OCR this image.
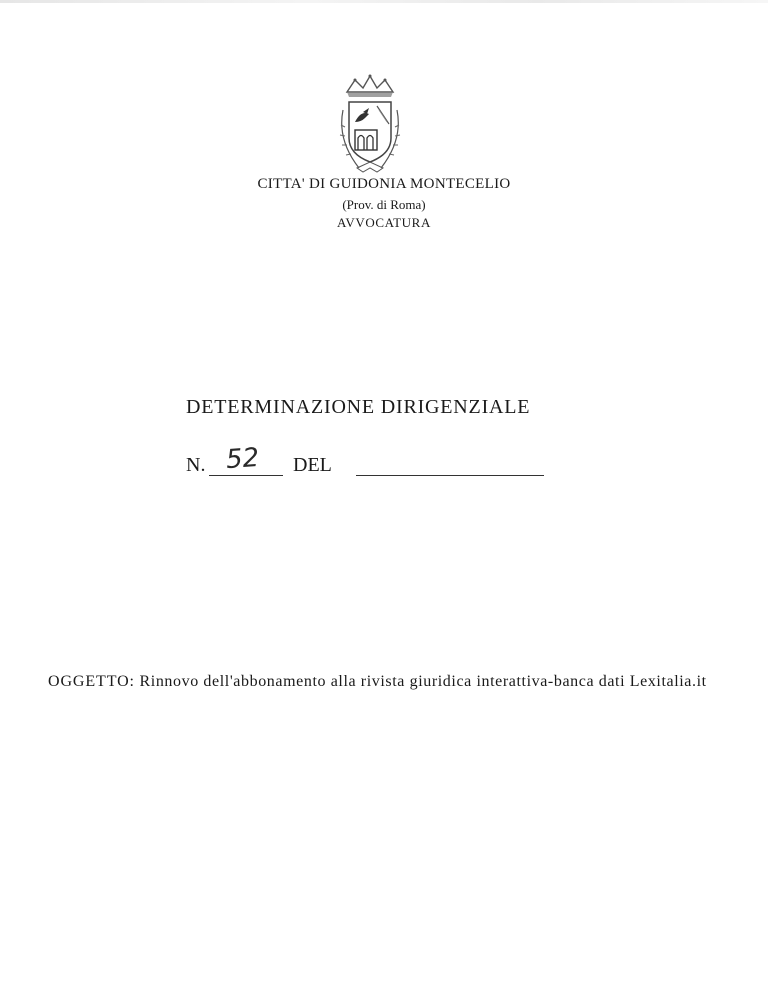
CITTA' DI GUIDONIA MONTECELIO
(Prov. di Roma)
AVVOCATURA
DETERMINAZIONE DIRIGENZIALE
N. 52 DEL
OGGETTO: Rinnovo dell'abbonamento alla rivista giuridica interattiva-banca dati Lexitalia.it
